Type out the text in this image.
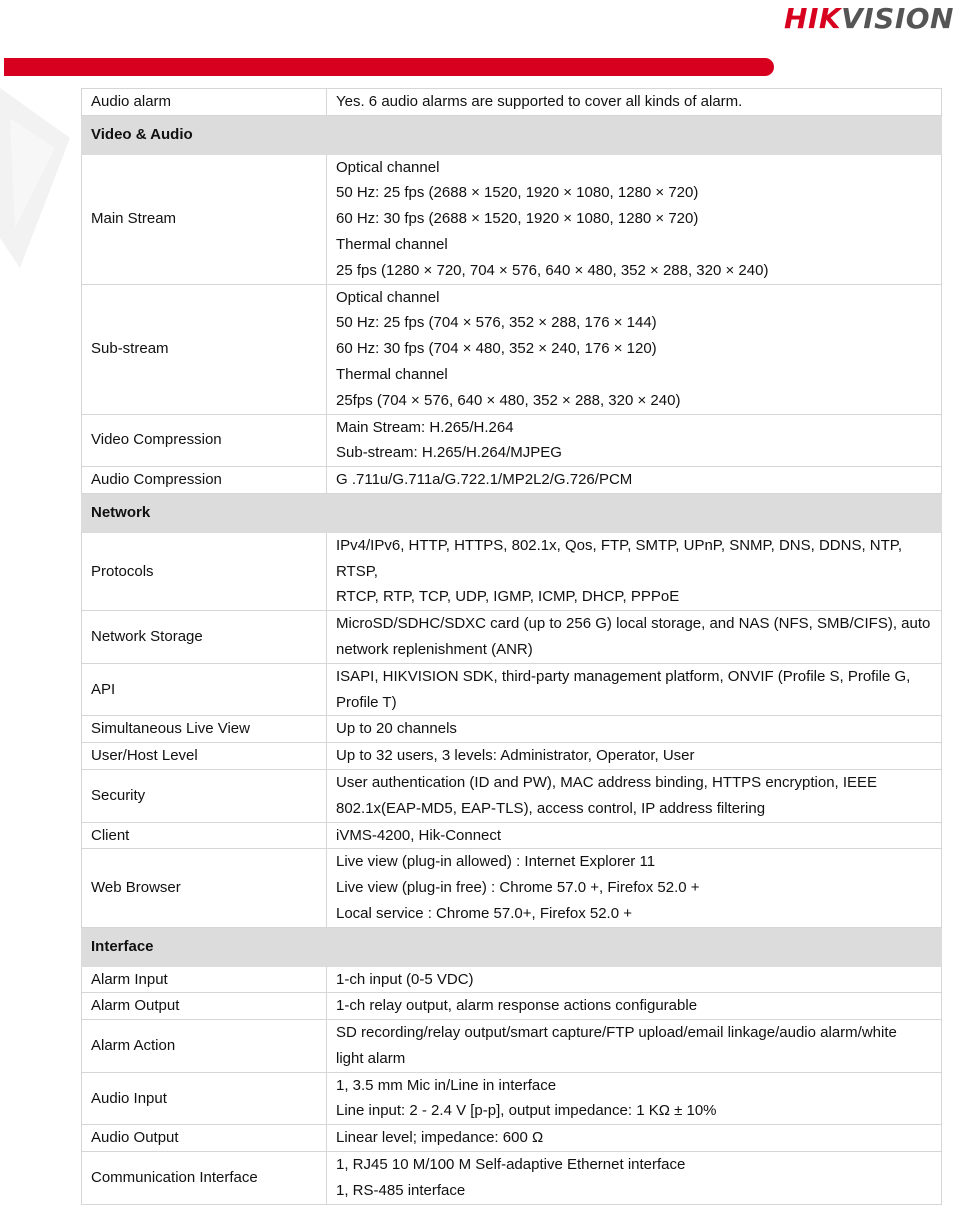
HIKVISION
Audio alarm	Yes. 6 audio alarms are supported to cover all kinds of alarm.

Video & Audio	
Main Stream	Optical channel
50 Hz: 25 fps (2688 × 1520, 1920 × 1080, 1280 × 720)
60 Hz: 30 fps (2688 × 1520, 1920 × 1080, 1280 × 720)
Thermal channel
25 fps (1280 × 720, 704 × 576, 640 × 480, 352 × 288, 320 × 240)

Sub-stream	Optical channel
50 Hz: 25 fps (704 × 576, 352 × 288, 176 × 144)
60 Hz: 30 fps (704 × 480, 352 × 240, 176 × 120)
Thermal channel
25fps (704 × 576, 640 × 480, 352 × 288, 320 × 240)

Video Compression	Main Stream: H.265/H.264
Sub-stream: H.265/H.264/MJPEG

Audio Compression	G .711u/G.711a/G.722.1/MP2L2/G.726/PCM

Network	
Protocols	IPv4/IPv6, HTTP, HTTPS, 802.1x, Qos, FTP, SMTP, UPnP, SNMP, DNS, DDNS, NTP, RTSP,
RTCP, RTP, TCP, UDP, IGMP, ICMP, DHCP, PPPoE

Network Storage	MicroSD/SDHC/SDXC card (up to 256 G) local storage, and NAS (NFS, SMB/CIFS), auto
network replenishment (ANR)

API	ISAPI, HIKVISION SDK, third-party management platform, ONVIF (Profile S, Profile G,
Profile T)

Simultaneous Live View	Up to 20 channels

User/Host Level	Up to 32 users, 3 levels: Administrator, Operator, User

Security	User authentication (ID and PW), MAC address binding, HTTPS encryption, IEEE
802.1x(EAP-MD5, EAP-TLS), access control, IP address filtering

Client	iVMS-4200, Hik-Connect

Web Browser	Live view (plug-in allowed) : Internet Explorer 11
Live view (plug-in free) : Chrome 57.0 +, Firefox 52.0 +
Local service : Chrome 57.0+, Firefox 52.0 +

Interface	
Alarm Input	1-ch input (0-5 VDC)

Alarm Output	1-ch relay output, alarm response actions configurable

Alarm Action	SD recording/relay output/smart capture/FTP upload/email linkage/audio alarm/white
light alarm

Audio Input	1, 3.5 mm Mic in/Line in interface
Line input: 2 - 2.4 V [p-p], output impedance: 1 KΩ ± 10%

Audio Output	Linear level; impedance: 600 Ω

Communication Interface	1, RJ45 10 M/100 M Self-adaptive Ethernet interface
1, RS-485 interface
